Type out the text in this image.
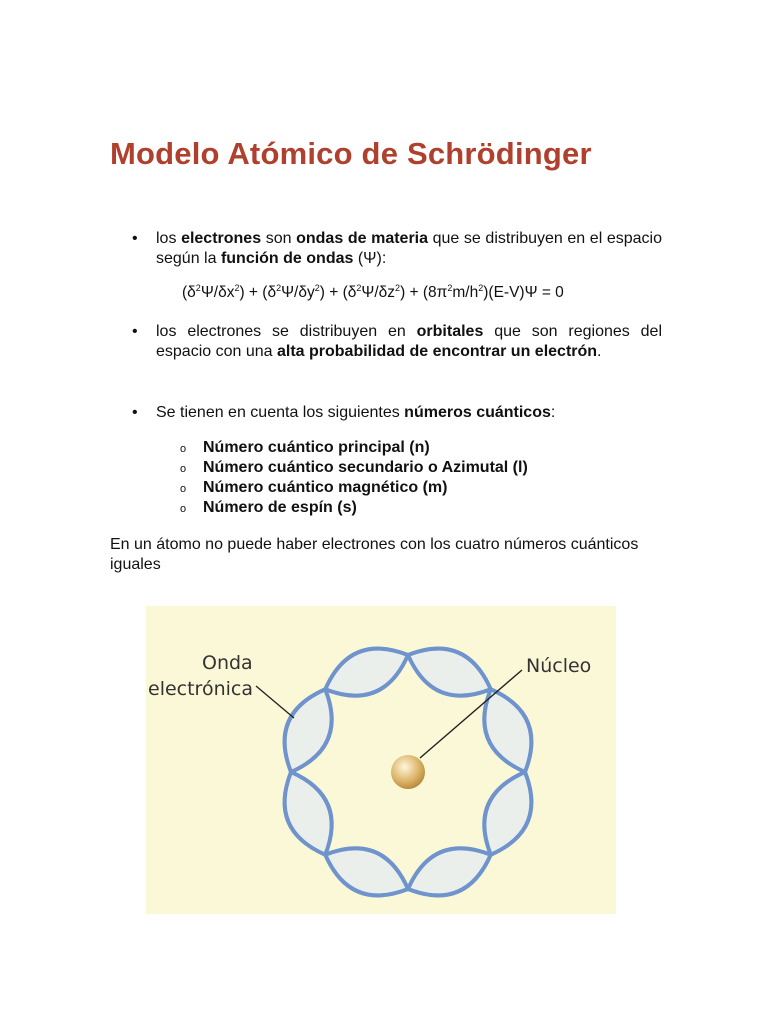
Modelo Atómico de Schrödinger
• los electrones son ondas de materia que se distribuyen en el espacio según la función de ondas (Ψ):
$(\delta^2\Psi/\delta x^2) + (\delta^2\Psi/\delta y^2) + (\delta^2\Psi/\delta z^2) + (8\pi^2m/h^2)(E-V)\Psi = 0$
• los electrones se distribuyen en orbitales que son regiones del espacio con una alta probabilidad de encontrar un electrón.
• Se tienen en cuenta los siguientes números cuánticos:
o Número cuántico principal (n)
o Número cuántico secundario o Azimutal (l)
o Número cuántico magnético (m)
o Número de espín (s)
En un átomo no puede haber electrones con los cuatro números cuánticos iguales
Onda
electrónica
Núcleo
